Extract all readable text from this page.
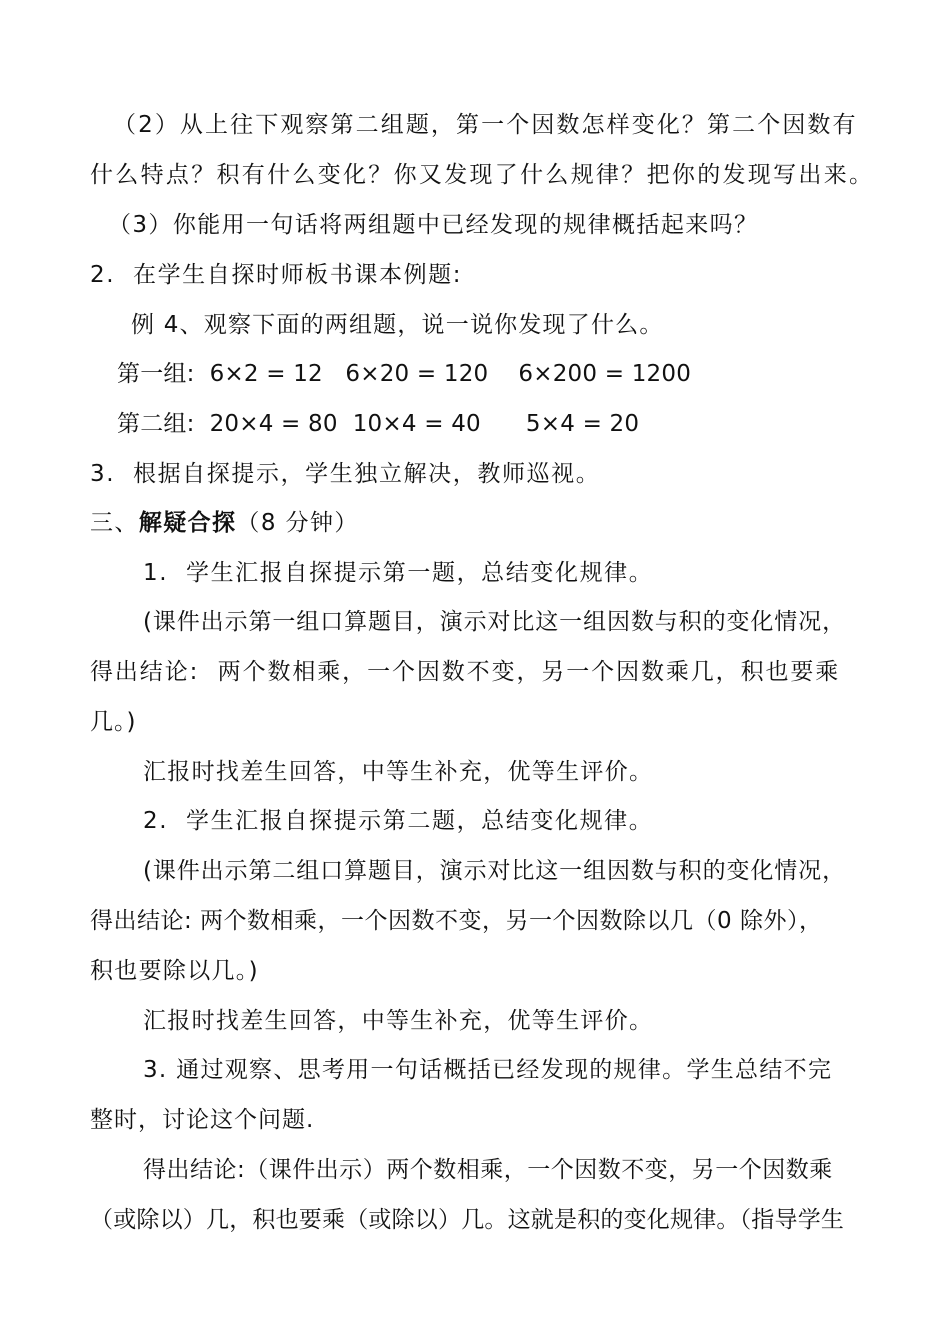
（2）从上往下观察第二组题，第一个因数怎样变化？第二个因数有
什么特点？积有什么变化？你又发现了什么规律？把你的发现写出来。
（3）你能用一句话将两组题中已经发现的规律概括起来吗？
2.  在学生自探时师板书课本例题:
例 4、观察下面的两组题，说一说你发现了什么。
第一组:  6×2 = 12   6×20 = 120    6×200 = 1200
第二组:  20×4 = 80  10×4 = 40      5×4 = 20
3.  根据自探提示，学生独立解决，教师巡视。
三、解疑合探（8 分钟）
1.  学生汇报自探提示第一题，总结变化规律。
(课件出示第一组口算题目，演示对比这一组因数与积的变化情况，
得出结论:  两个数相乘，一个因数不变，另一个因数乘几，积也要乘
几。)
汇报时找差生回答，中等生补充，优等生评价。
2.  学生汇报自探提示第二题，总结变化规律。
(课件出示第二组口算题目，演示对比这一组因数与积的变化情况，
得出结论: 两个数相乘，一个因数不变，另一个因数除以几（0 除外），
积也要除以几。)
汇报时找差生回答，中等生补充，优等生评价。
3. 通过观察、思考用一句话概括已经发现的规律。学生总结不完
整时，讨论这个问题.
得出结论:（课件出示）两个数相乘，一个因数不变，另一个因数乘
（或除以）几，积也要乘（或除以）几。这就是积的变化规律。（指导学生
